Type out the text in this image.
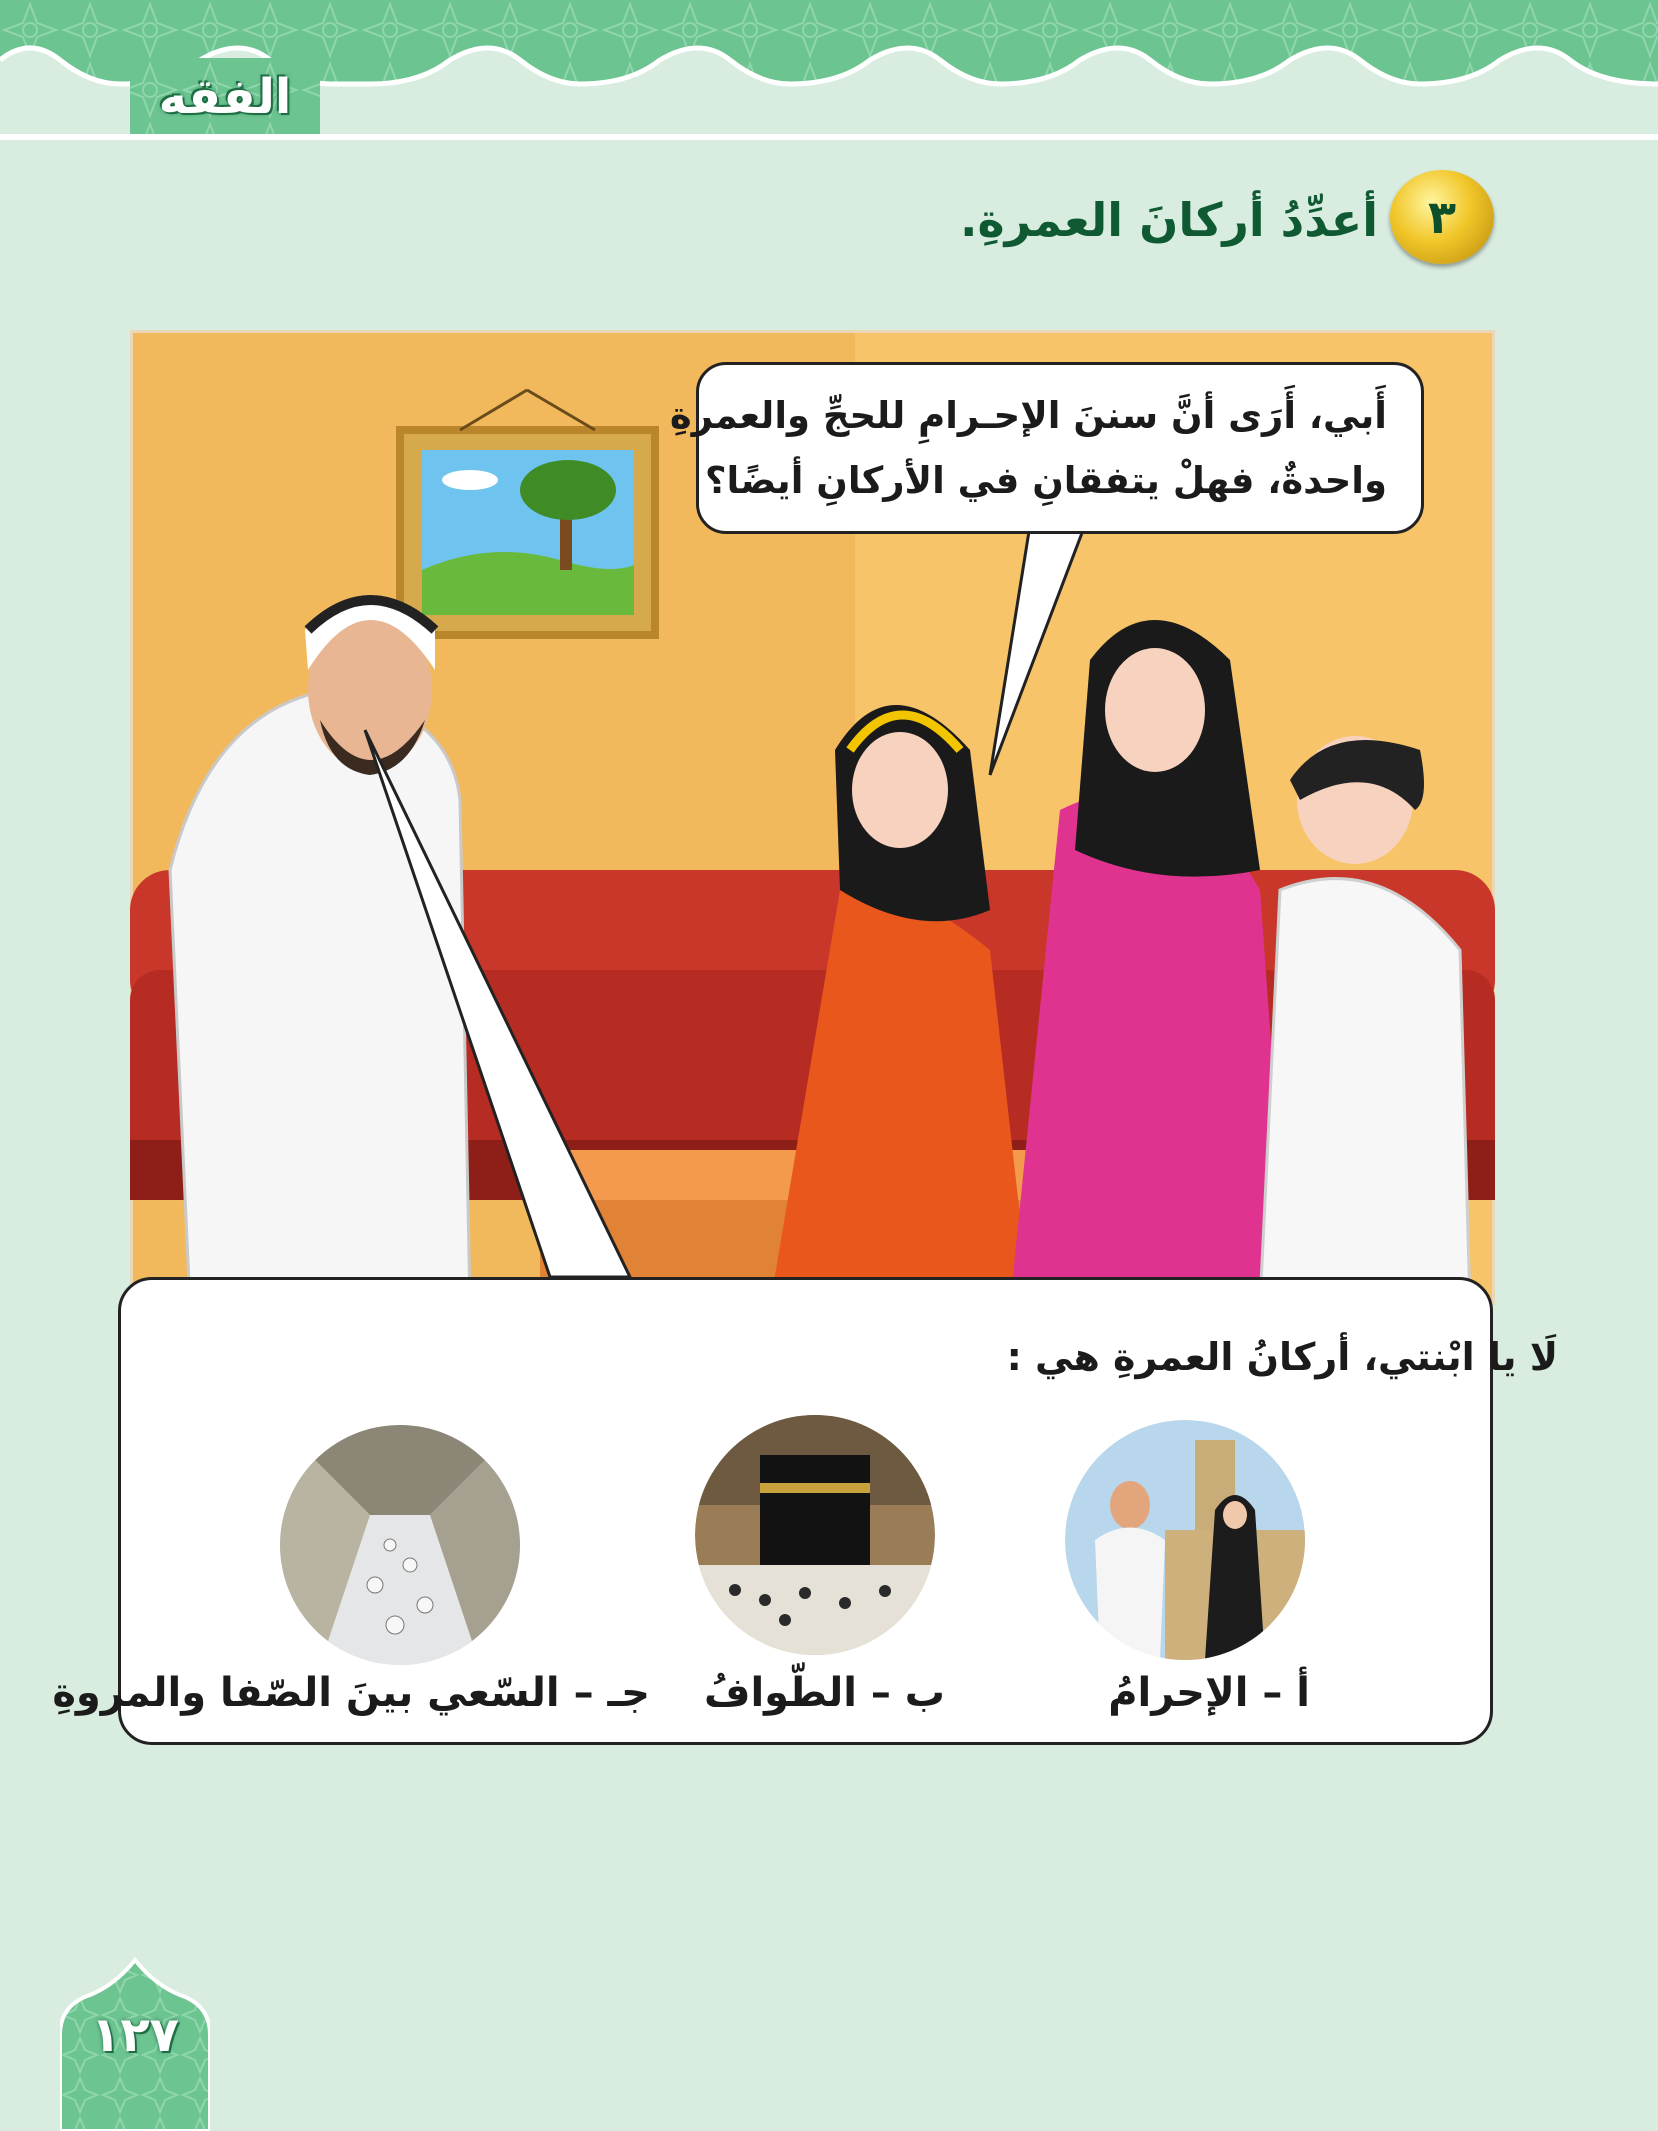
الفقه
٣
أعدِّدُ أركانَ العمرةِ.
أَبي، أَرَى أنَّ سننَ الإحـرامِ للحجِّ والعمرةِ
واحدةٌ، فهلْ يتفقانِ في الأركانِ أيضًا؟
لَا يا ابْنتي، أركانُ العمرةِ هي :
أ – الإحرامُ
ب – الطّوافُ
جـ – السّعي بينَ الصّفا والمروةِ
١٢٧
